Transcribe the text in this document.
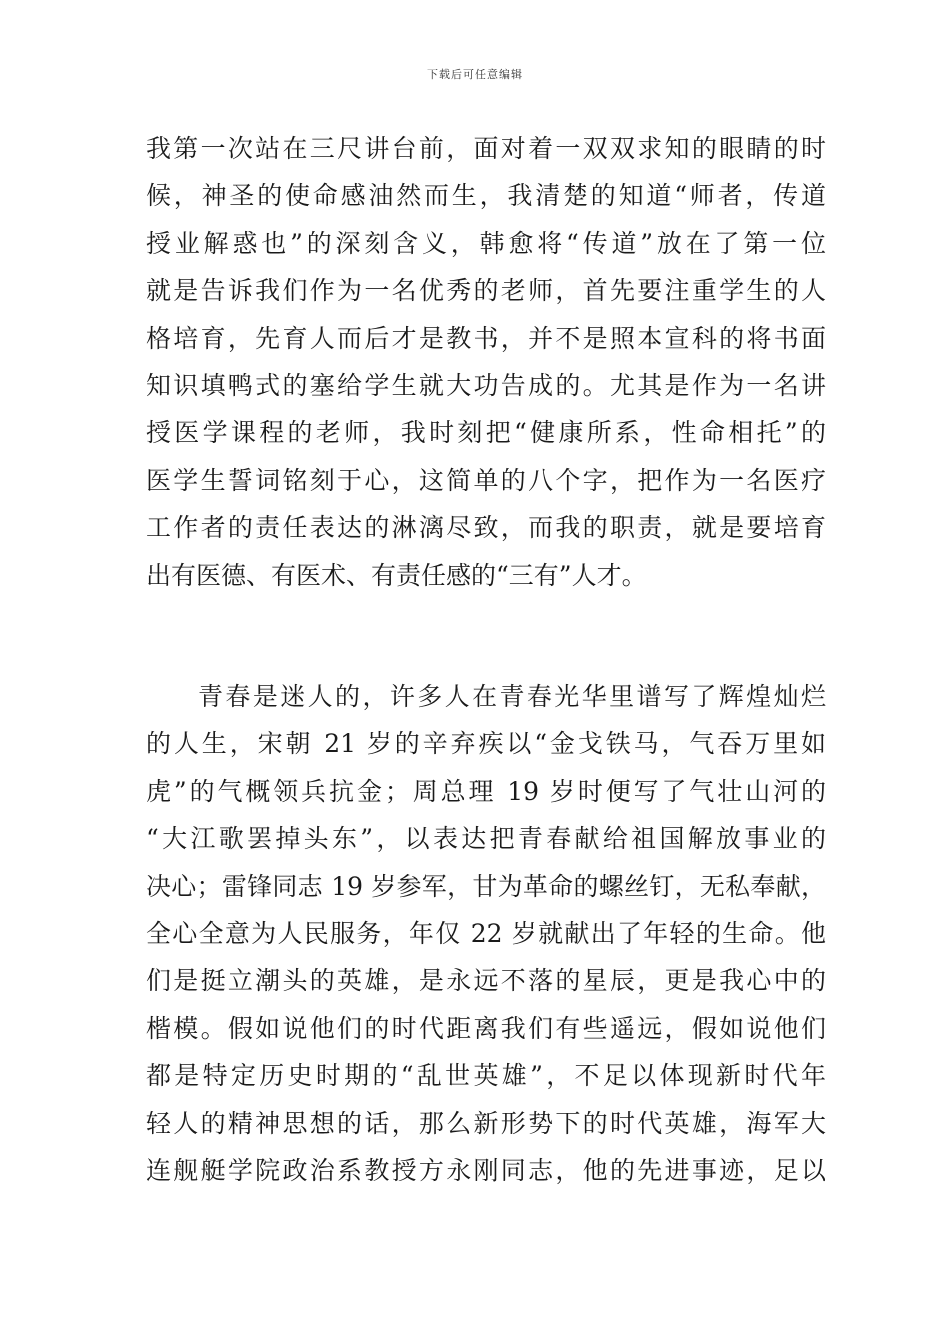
下载后可任意编辑
我第一次站在三尺讲台前，面对着一双双求知的眼睛的时
候，神圣的使命感油然而生，我清楚的知道“师者，传道
授业解惑也”的深刻含义，韩愈将“传道”放在了第一位
就是告诉我们作为一名优秀的老师，首先要注重学生的人
格培育，先育人而后才是教书，并不是照本宣科的将书面
知识填鸭式的塞给学生就大功告成的。尤其是作为一名讲
授医学课程的老师，我时刻把“健康所系，性命相托”的
医学生誓词铭刻于心，这简单的八个字，把作为一名医疗
工作者的责任表达的淋漓尽致，而我的职责，就是要培育
出有医德、有医术、有责任感的“三有”人才。
青春是迷人的，许多人在青春光华里谱写了辉煌灿烂
的人生，宋朝 21 岁的辛弃疾以“金戈铁马，气吞万里如
虎”的气概领兵抗金；周总理 19 岁时便写了气壮山河的
“大江歌罢掉头东”，以表达把青春献给祖国解放事业的
决心；雷锋同志 19 岁参军，甘为革命的螺丝钉，无私奉献，
全心全意为人民服务，年仅 22 岁就献出了年轻的生命。他
们是挺立潮头的英雄，是永远不落的星辰，更是我心中的
楷模。假如说他们的时代距离我们有些遥远，假如说他们
都是特定历史时期的“乱世英雄”，不足以体现新时代年
轻人的精神思想的话，那么新形势下的时代英雄，海军大
连舰艇学院政治系教授方永刚同志，他的先进事迹，足以
